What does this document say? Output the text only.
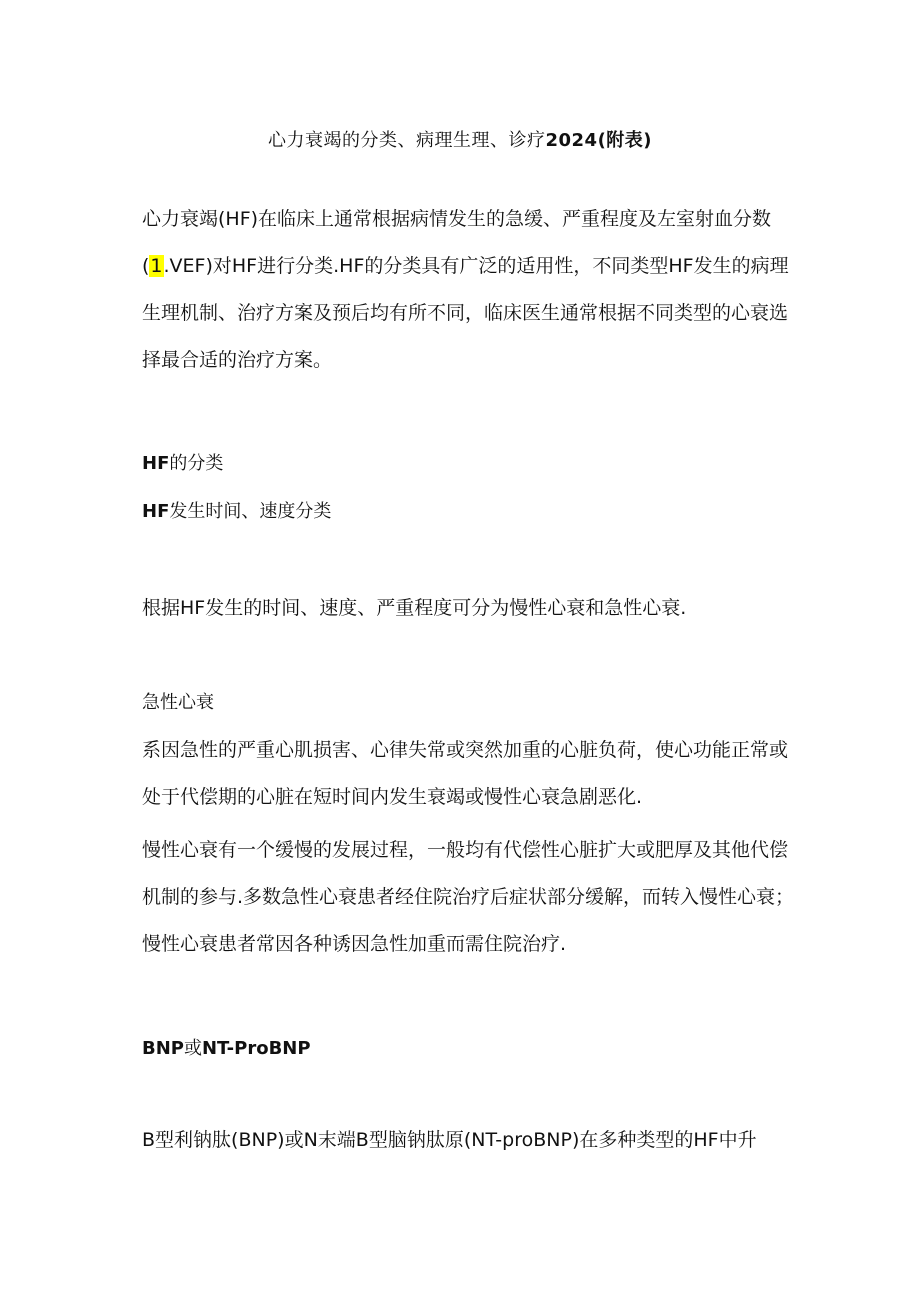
心力衰竭的分类、病理生理、诊疗2024(附表)
心力衰竭(HF)在临床上通常根据病情发生的急缓、严重程度及左室射血分数(1.VEF)对HF进行分类.HF的分类具有广泛的适用性，不同类型HF发生的病理生理机制、治疗方案及预后均有所不同，临床医生通常根据不同类型的心衰选择最合适的治疗方案。
HF的分类
HF发生时间、速度分类
根据HF发生的时间、速度、严重程度可分为慢性心衰和急性心衰.
急性心衰
系因急性的严重心肌损害、心律失常或突然加重的心脏负荷，使心功能正常或处于代偿期的心脏在短时间内发生衰竭或慢性心衰急剧恶化.
慢性心衰有一个缓慢的发展过程，一般均有代偿性心脏扩大或肥厚及其他代偿机制的参与.多数急性心衰患者经住院治疗后症状部分缓解，而转入慢性心衰；慢性心衰患者常因各种诱因急性加重而需住院治疗.
BNP或NT-ProBNP
B型利钠肽(BNP)或N末端B型脑钠肽原(NT-proBNP)在多种类型的HF中升
